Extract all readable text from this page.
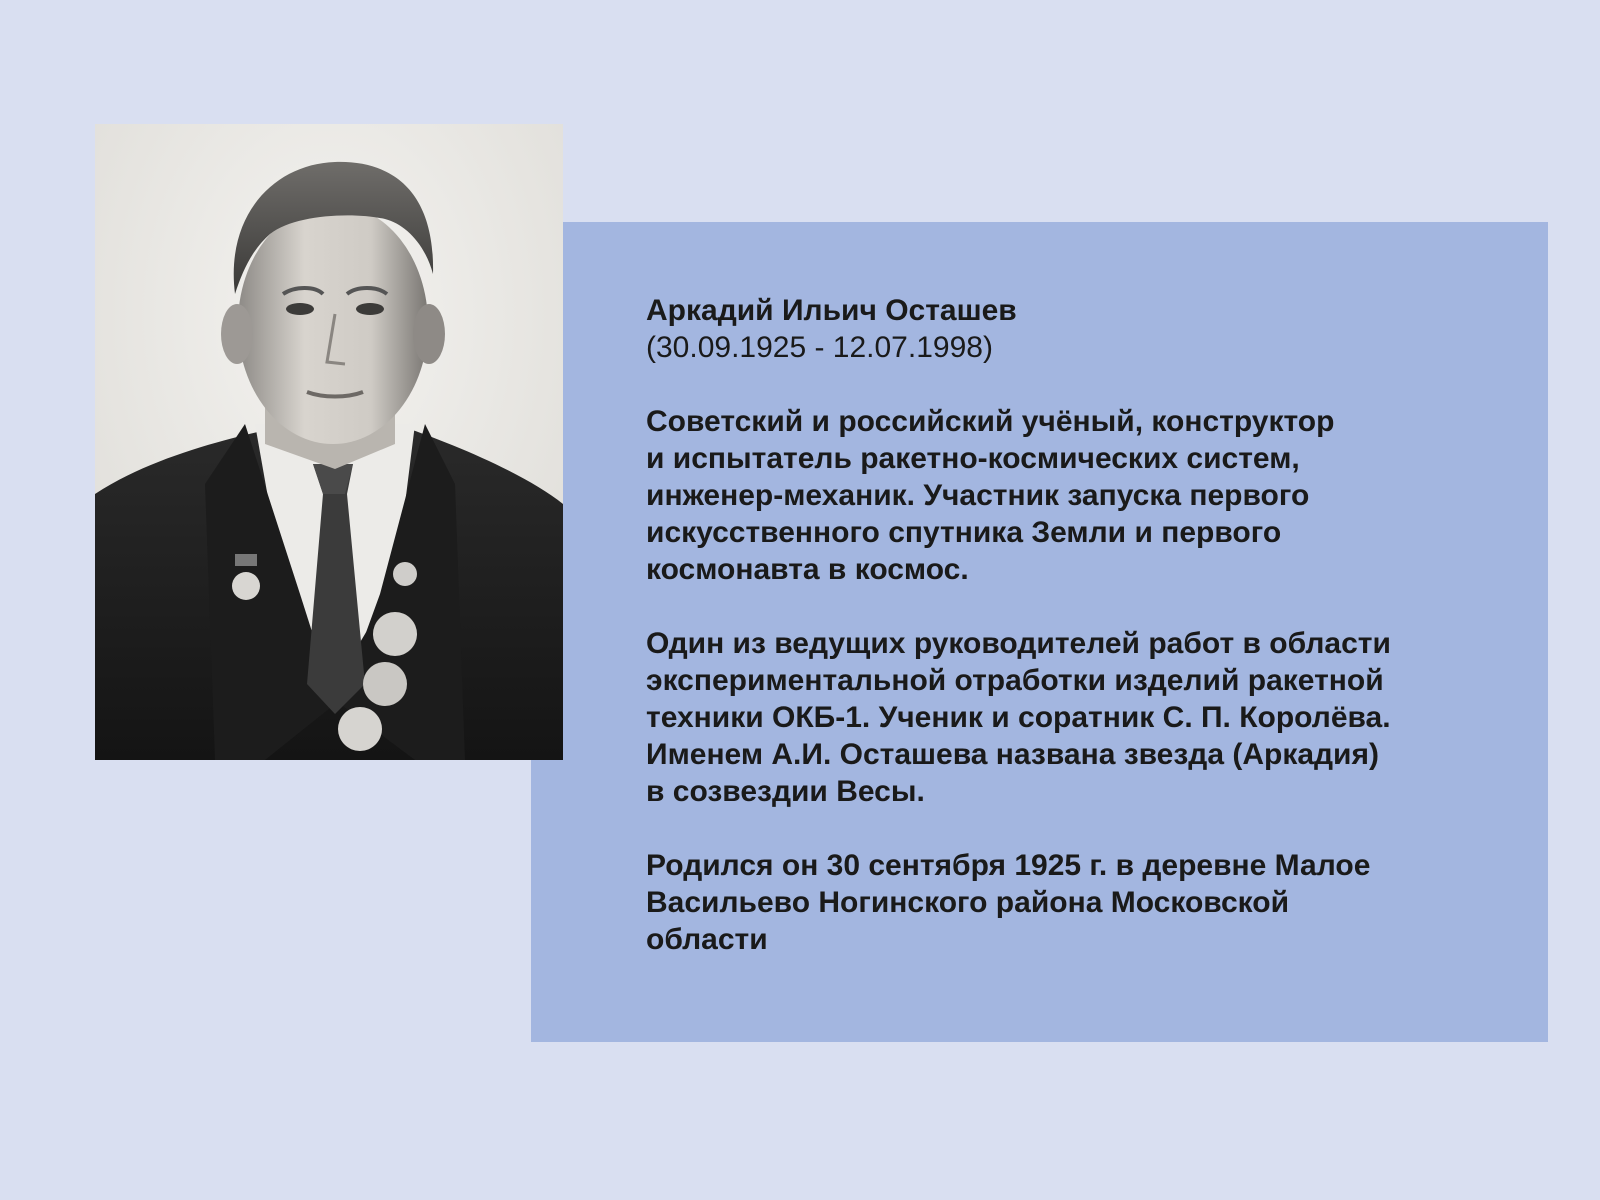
Аркадий Ильич Осташев
(30.09.1925 - 12.07.1998)

Советский и российский учёный, конструктор
и испытатель ракетно-космических систем,
инженер-механик. Участник запуска первого
искусственного спутника Земли и первого
космонавта в космос.

Один из ведущих руководителей работ в области
экспериментальной отработки изделий ракетной
техники ОКБ-1. Ученик и соратник С. П. Королёва.
Именем А.И. Осташева названа звезда (Аркадия)
в созвездии Весы.

Родился он 30 сентября 1925 г. в деревне Малое
Васильево Ногинского района Московской
области
